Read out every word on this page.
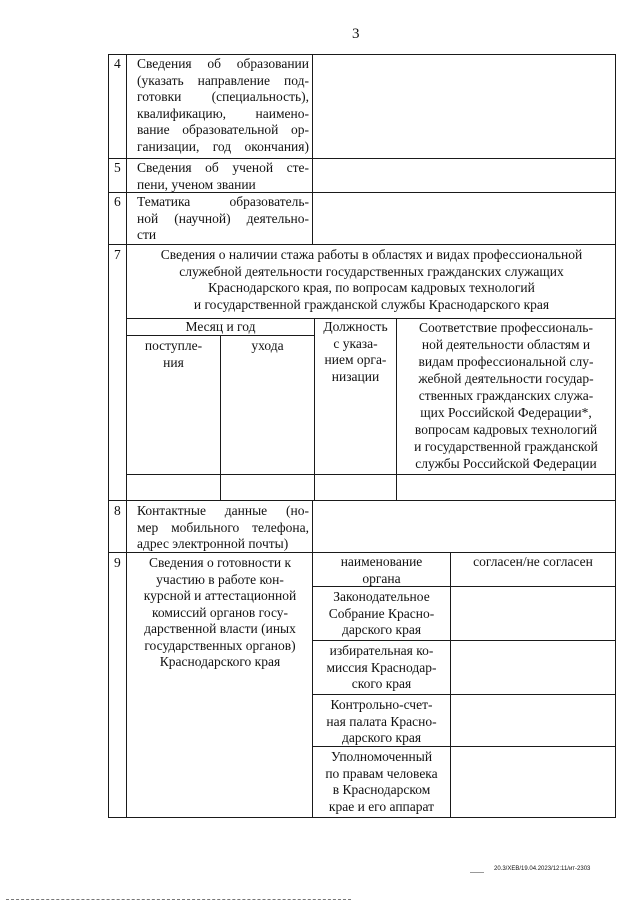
3
4 Сведения об образовании
(указать направление под-
готовки (специальность),
квалификацию, наимено-
вание образовательной ор-
ганизации, год окончания)
5 Сведения об ученой сте-
пени, ученом звании
6 Тематика образователь-
ной (научной) деятельно-
сти
7	Сведения о наличии стажа работы в областях и видах профессиональной
служебной деятельности государственных гражданских служащих
Краснодарского края, по вопросам кадровых технологий
и государственной гражданской службы Краснодарского края
Месяц и год
поступле-
ния
ухода
Должность
с указа-
нием орга-
низации
Соответствие профессиональ-
ной деятельности областям и
видам профессиональной слу-
жебной деятельности государ-
ственных гражданских служа-
щих Российской Федерации*,
вопросам кадровых технологий
и государственной гражданской
службы Российской Федерации
8 Контактные данные (но-
мер мобильного телефона,
адрес электронной почты)
9	Сведения о готовности к
участию в работе кон-
курсной и аттестационной
комиссий органов госу-
дарственной власти (иных
государственных органов)
Краснодарского края
наименование
органа
согласен/не согласен
Законодательное
Собрание Красно-
дарского края
избирательная ко-
миссия Краснодар-
ского края
Контрольно-счет-
ная палата Красно-
дарского края
Уполномоченный
по правам человека
в Краснодарском
крае и его аппарат
20.3/ХЕВ/19.04.2023/12:11/ит-2303
